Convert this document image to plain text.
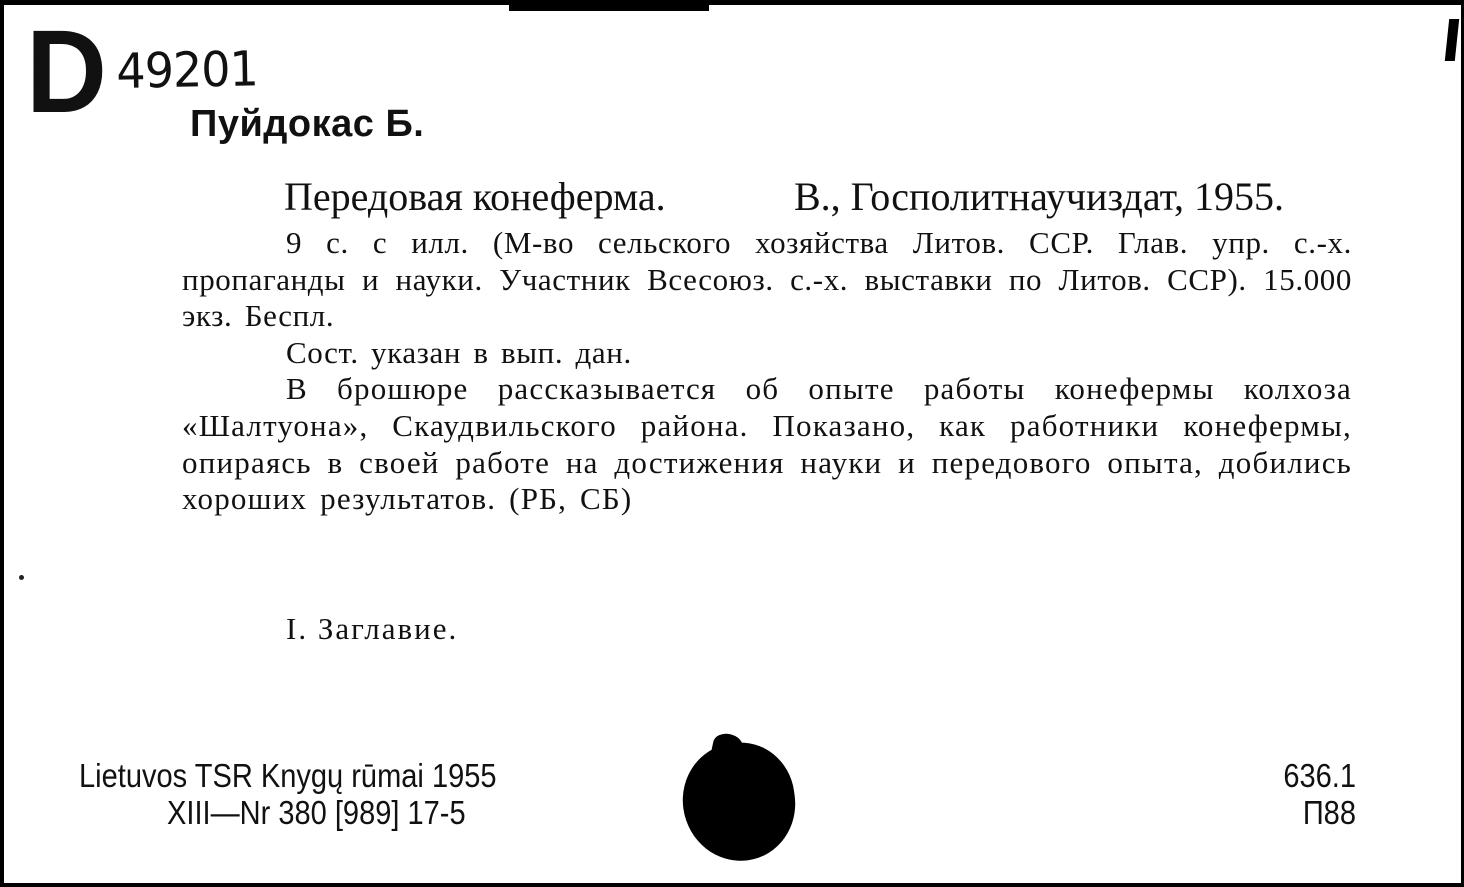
D 49201
Пуйдокас Б.
Передовая конеферма.	В., Госполитнаучиздат, 1955.

9 с. с илл. (М-во сельского хозяйства Литов. ССР. Глав. упр. с.-х. пропаганды и науки. Участник Всесоюз. с.-х. выставки по Литов. ССР). 15.000 экз. Беспл.

Сост. указан в вып. дан.

В брошюре рассказывается об опыте работы конефермы колхоза «Шалтуона», Скаудвильского района. Показано, как работники конефермы, опираясь в своей работе на достижения науки и передового опыта, добились хороших результатов. (РБ, СБ)

I. Заглавие.
Lietuvos TSR Knygų rūmai 1955
XIII—Nr 380 [989] 17-5
636.1
П88
